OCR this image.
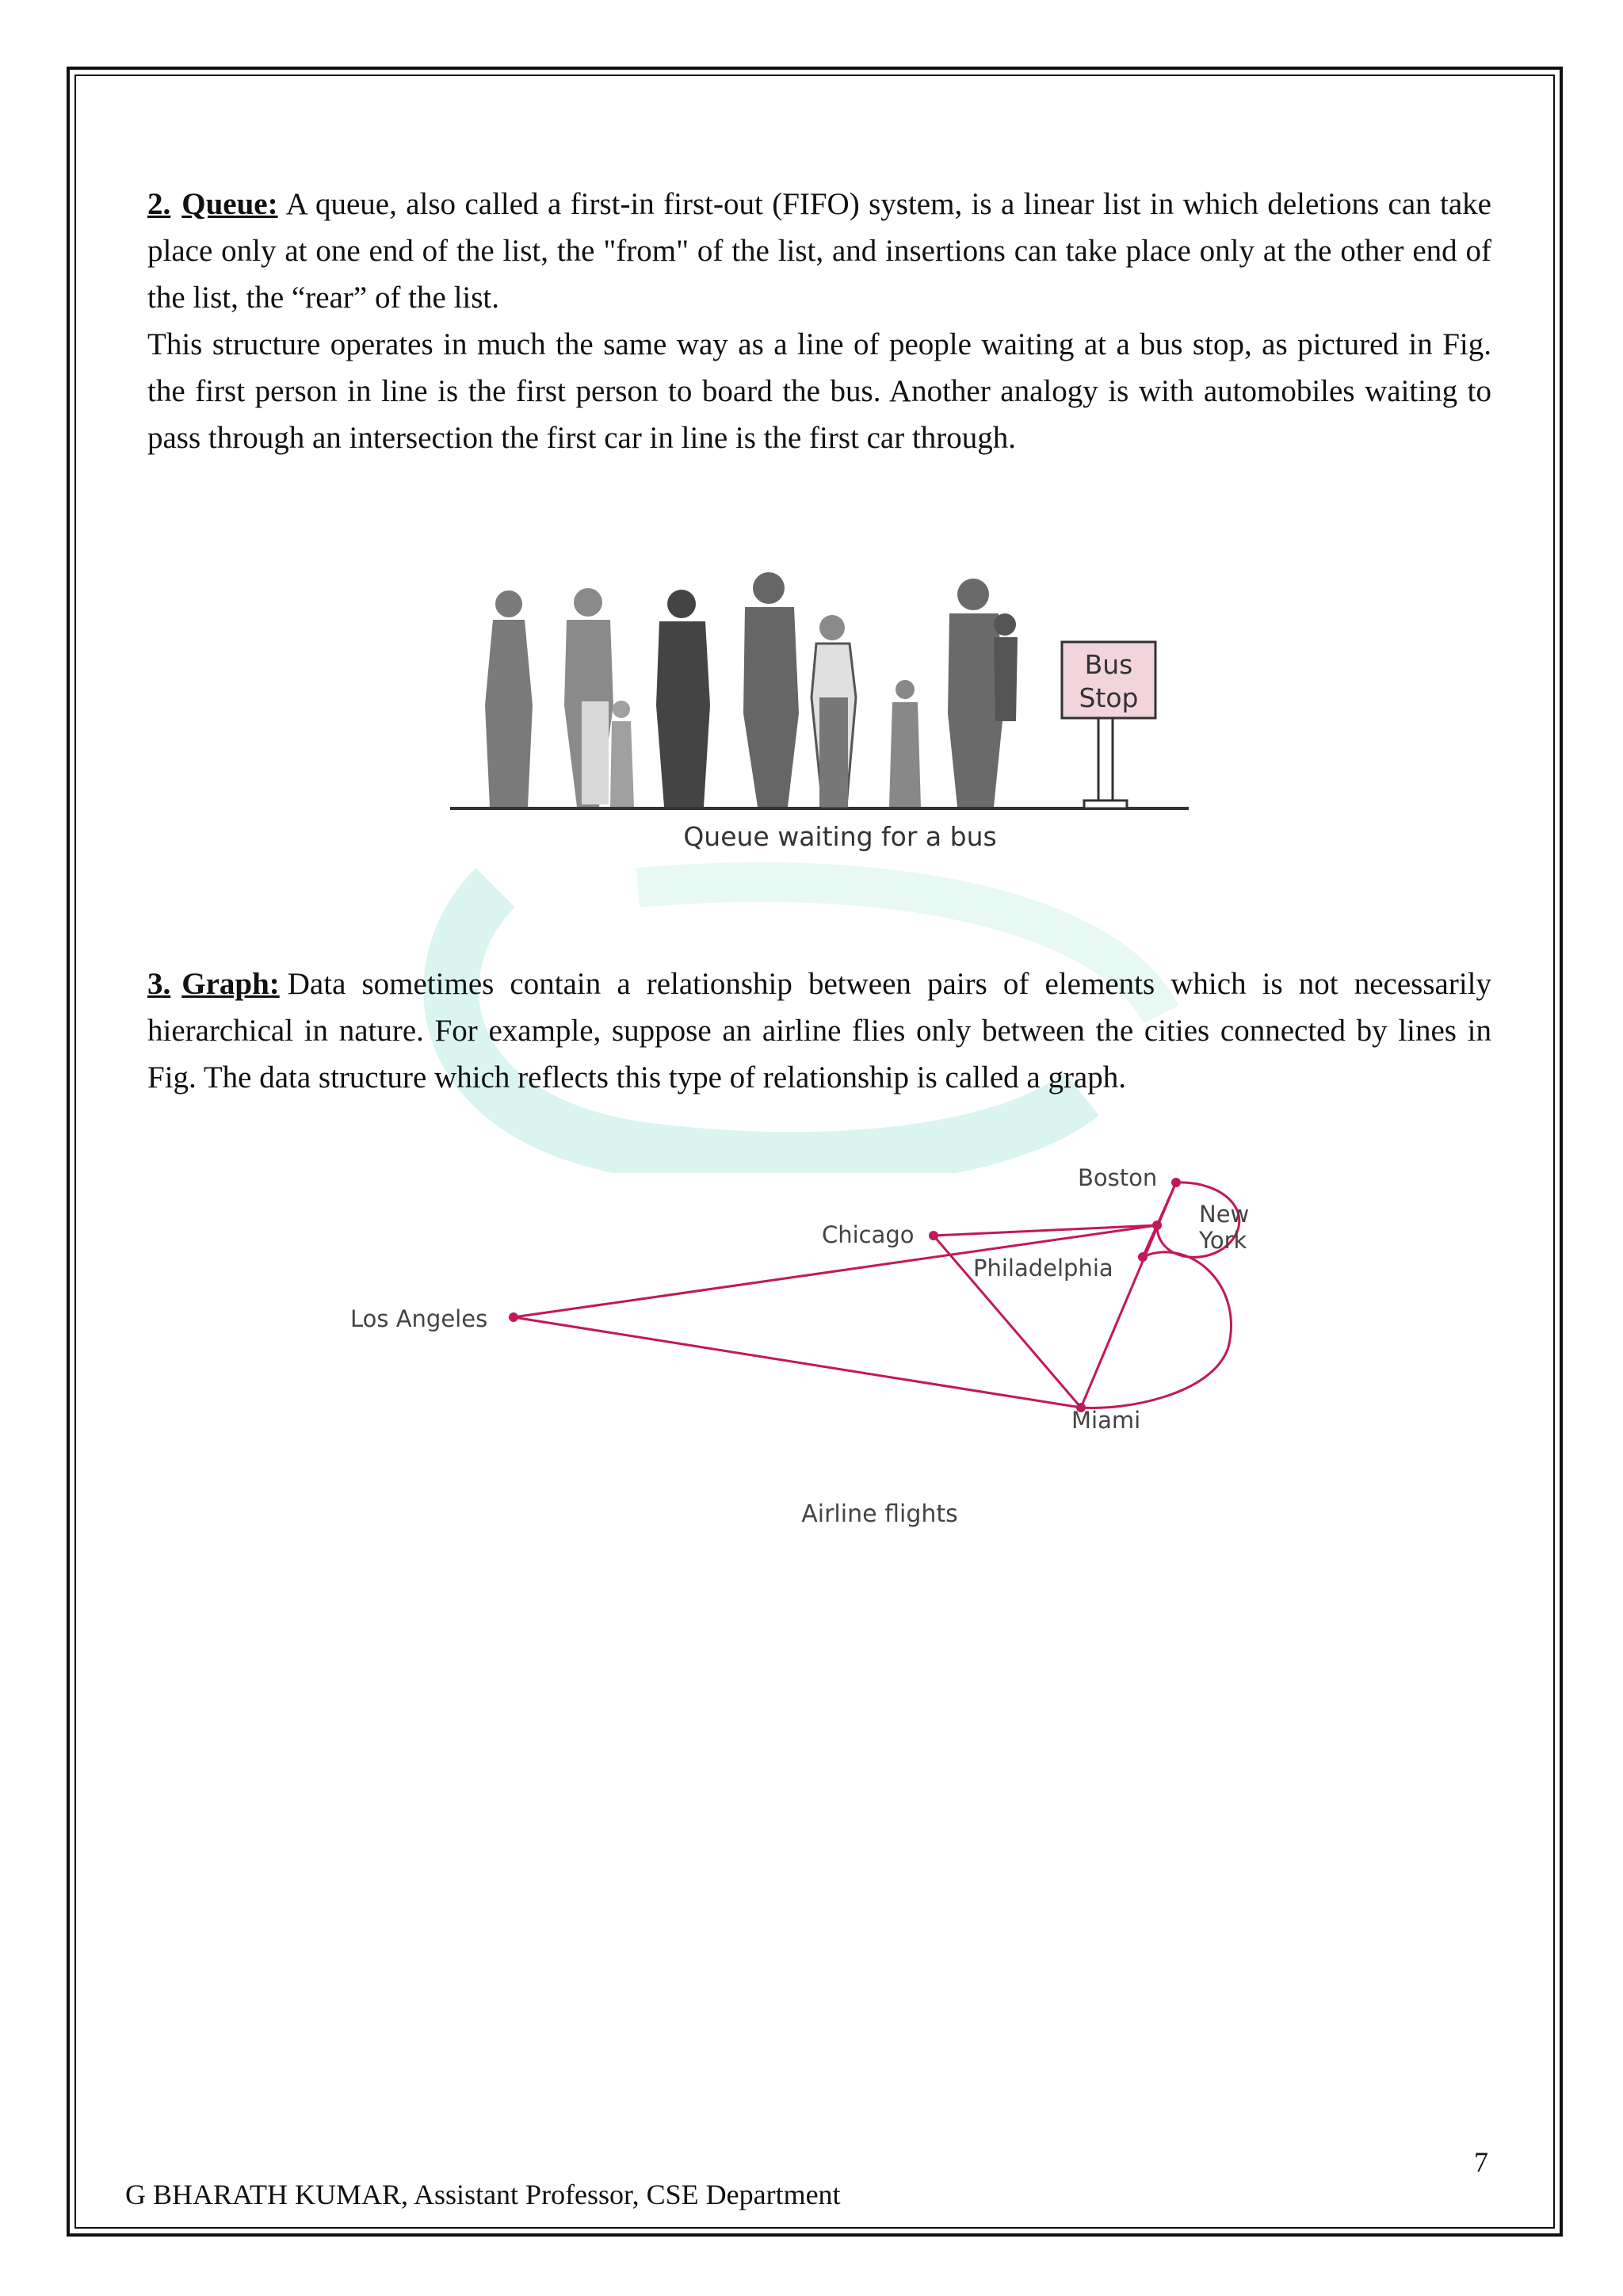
2. Queue: A queue, also called a first-in first-out (FIFO) system, is a linear list in which deletions can take place only at one end of the list, the "from" of the list, and insertions can take place only at the other end of the list, the “rear” of the list.

This structure operates in much the same way as a line of people waiting at a bus stop, as pictured in Fig. the first person in line is the first person to board the bus. Another analogy is with automobiles waiting to pass through an intersection the first car in line is the first car through.

Bus
Stop
Queue waiting for a bus

3. Graph: Data sometimes contain a relationship between pairs of elements which is not necessarily hierarchical in nature. For example, suppose an airline flies only between the cities connected by lines in Fig. The data structure which reflects this type of relationship is called a graph.

Boston
New
York
Chicago
Philadelphia
Los Angeles
Miami
Airline flights
7
G BHARATH KUMAR, Assistant Professor, CSE Department
